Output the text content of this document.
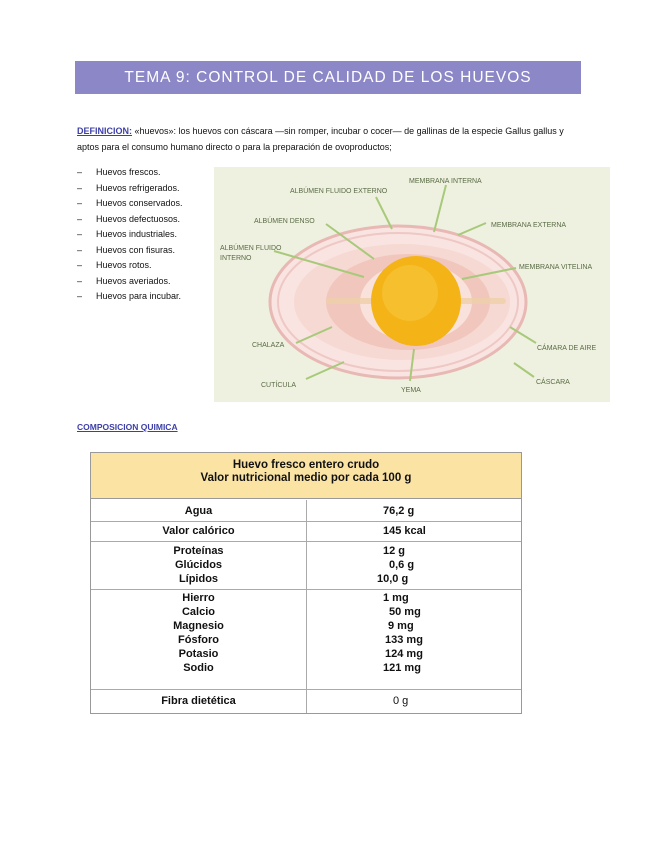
TEMA 9: CONTROL DE CALIDAD DE LOS HUEVOS
DEFINICION: «huevos»: los huevos con cáscara —sin romper, incubar o cocer— de gallinas de la especie Gallus gallus y aptos para el consumo humano directo o para la preparación de ovoproductos;
–	Huevos frescos.
–	Huevos refrigerados.
–	Huevos conservados.
–	Huevos defectuosos.
–	Huevos industriales.
–	Huevos con fisuras.
–	Huevos rotos.
–	Huevos averiados.
–	Huevos para incubar.
ALBÚMEN FLUIDO EXTERNO
MEMBRANA INTERNA
ALBÚMEN DENSO
MEMBRANA EXTERNA
ALBÚMEN FLUIDO
INTERNO
MEMBRANA VITELINA
CHALAZA	CÁMARA DE AIRE
CUTÍCULA
YEMA
CÁSCARA
COMPOSICION QUIMICA
Huevo fresco entero crudo
Valor nutricional medio por cada 100 g
Agua	76,2 g
Valor calórico	145 kcal
Proteínas	12 g
Glúcidos	0,6 g
Lípidos	10,0 g
Hierro	1 mg
Calcio	50 mg
Magnesio	9 mg
Fósforo	133 mg
Potasio	124 mg
Sodio	121 mg
Fibra dietética	0 g
